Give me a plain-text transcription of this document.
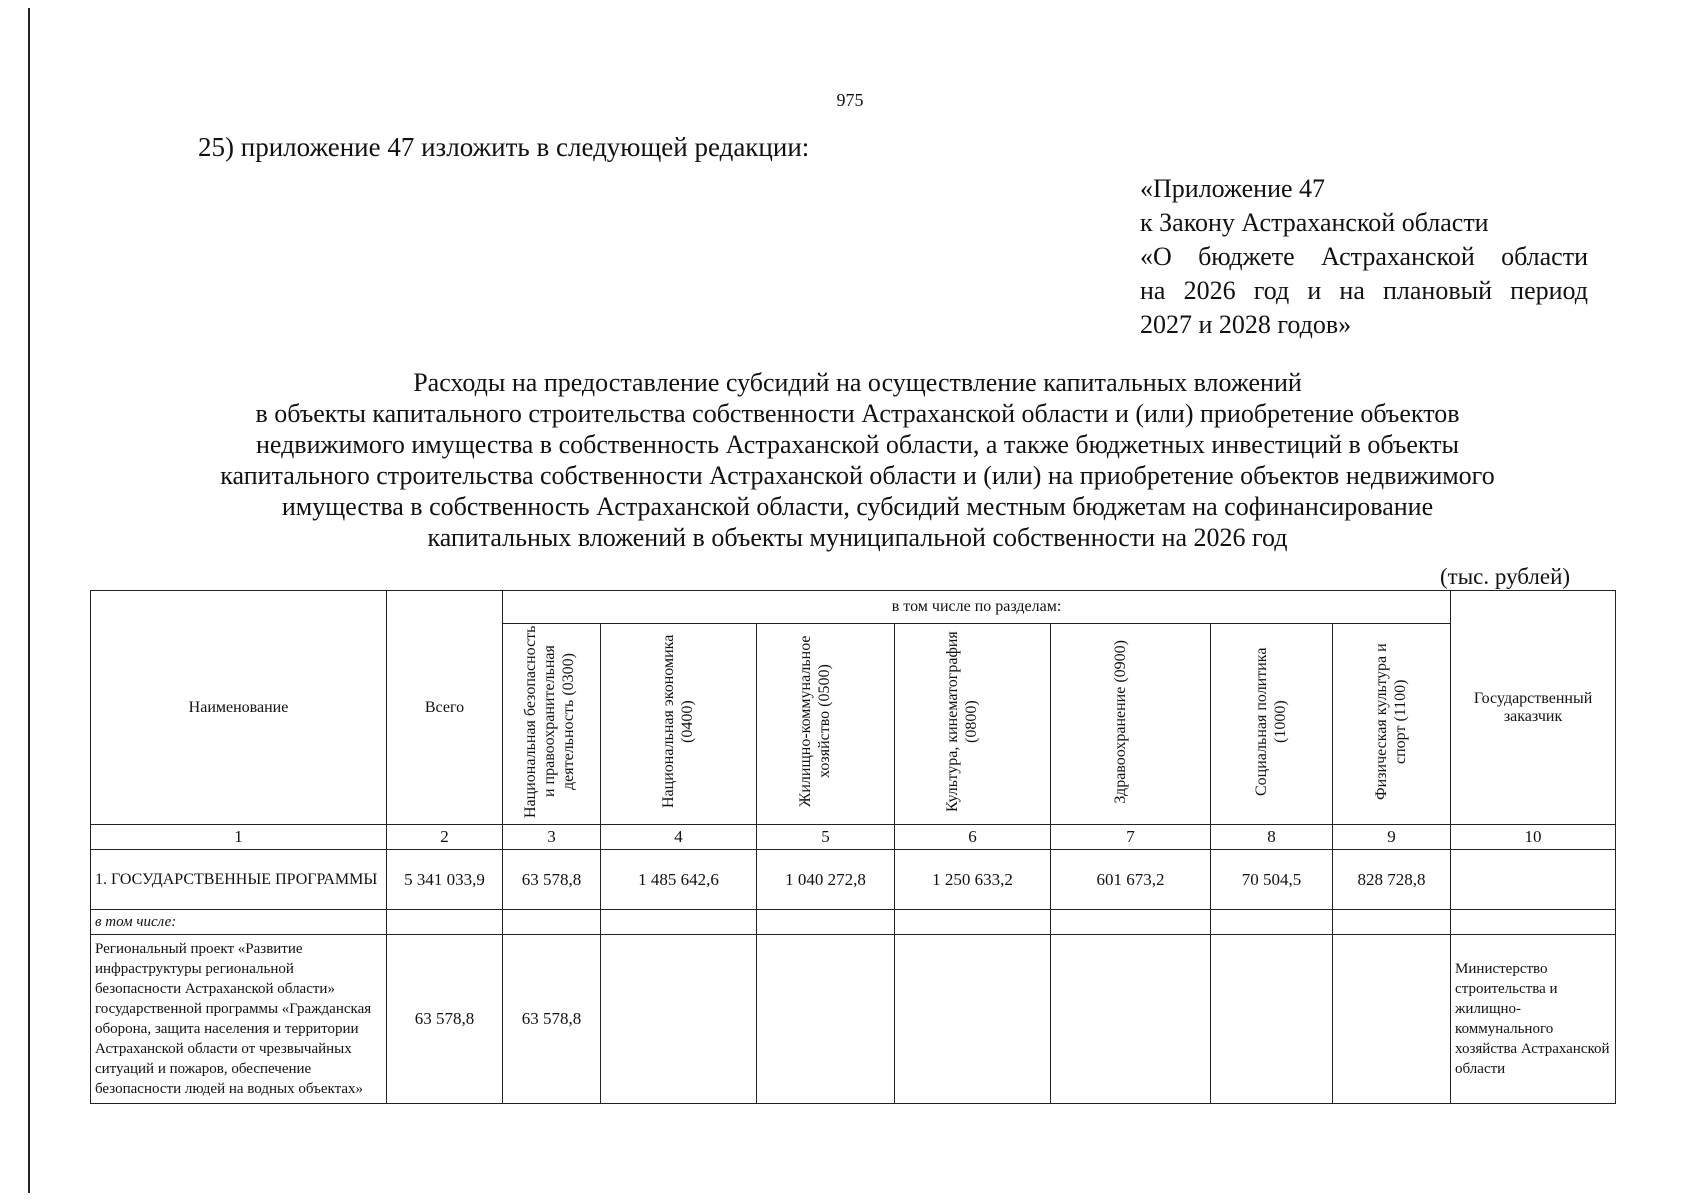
975
25) приложение 47 изложить в следующей редакции:
«Приложение 47
к Закону Астраханской области
«О бюджете Астраханской области
на 2026 год и на плановый период
2027 и 2028 годов»
Расходы на предоставление субсидий на осуществление капитальных вложений
в объекты капитального строительства собственности Астраханской области и (или) приобретение объектов
недвижимого имущества в собственность Астраханской области, а также бюджетных инвестиций в объекты
капитального строительства собственности Астраханской области и (или) на приобретение объектов недвижимого
имущества в собственность Астраханской области, субсидий местным бюджетам на софинансирование
капитальных вложений в объекты муниципальной собственности на 2026 год
(тыс. рублей)
Наименование	Всего	в том числе по разделам:							Государственный заказчик
		Национальная безопасность и правоохранительная деятельность (0300)	Национальная экономика (0400)	Жилищно-коммунальное хозяйство (0500)	Культура, кинематография (0800)	Здравоохранение (0900)	Социальная политика (1000)	Физическая культура и спорт (1100)	
1	2	3	4	5	6	7	8	9	10
1. ГОСУДАРСТВЕННЫЕ ПРОГРАММЫ	5 341 033,9	63 578,8	1 485 642,6	1 040 272,8	1 250 633,2	601 673,2	70 504,5	828 728,8	
в том числе:									
Региональный проект «Развитие инфраструктуры региональной безопасности Астраханской области» государственной программы «Гражданская оборона, защита населения и территории Астраханской области от чрезвычайных ситуаций и пожаров, обеспечение безопасности людей на водных объектах»	63 578,8	63 578,8							Министерство строительства и жилищно-коммунального хозяйства Астраханской области
